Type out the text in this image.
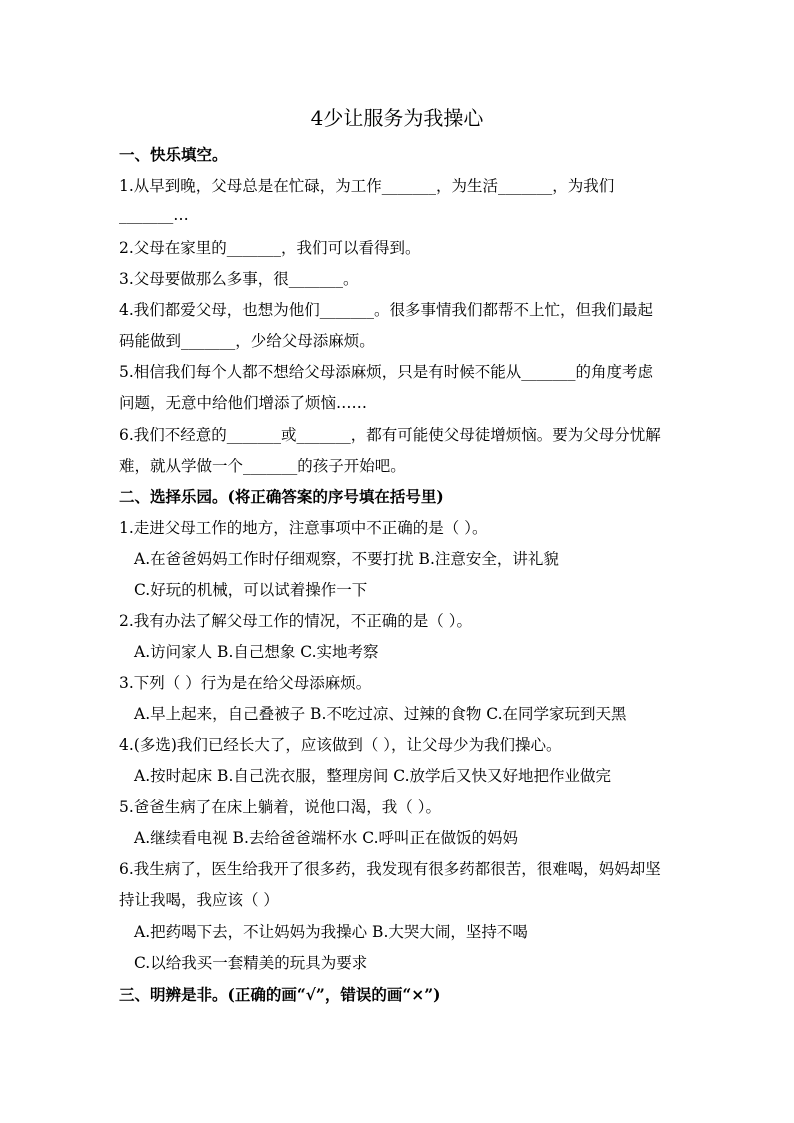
4少让服务为我操心
一、快乐填空。
1.从早到晚，父母总是在忙碌，为工作_______，为生活_______，为我们
_______…
2.父母在家里的_______，我们可以看得到。
3.父母要做那么多事，很_______。
4.我们都爱父母，也想为他们_______。很多事情我们都帮不上忙，但我们最起
码能做到_______，少给父母添麻烦。
5.相信我们每个人都不想给父母添麻烦，只是有时候不能从_______的角度考虑
问题，无意中给他们增添了烦恼……
6.我们不经意的_______或_______，都有可能使父母徒增烦恼。要为父母分忧解
难，就从学做一个_______的孩子开始吧。
二、选择乐园。(将正确答案的序号填在括号里)
1.走进父母工作的地方，注意事项中不正确的是（ ）。
A.在爸爸妈妈工作时仔细观察，不要打扰 B.注意安全，讲礼貌
C.好玩的机械，可以试着操作一下
2.我有办法了解父母工作的情况，不正确的是（ ）。
A.访问家人 B.自己想象 C.实地考察
3.下列（ ）行为是在给父母添麻烦。
A.早上起来，自己叠被子 B.不吃过凉、过辣的食物 C.在同学家玩到天黑
4.(多选)我们已经长大了，应该做到（ ），让父母少为我们操心。
A.按时起床 B.自己洗衣服，整理房间 C.放学后又快又好地把作业做完
5.爸爸生病了在床上躺着，说他口渴，我（ ）。
A.继续看电视 B.去给爸爸端杯水 C.呼叫正在做饭的妈妈
6.我生病了，医生给我开了很多药，我发现有很多药都很苦，很难喝，妈妈却坚
持让我喝，我应该（ ）
A.把药喝下去，不让妈妈为我操心 B.大哭大闹，坚持不喝
C.以给我买一套精美的玩具为要求
三、明辨是非。(正确的画“√”，错误的画“×”)
